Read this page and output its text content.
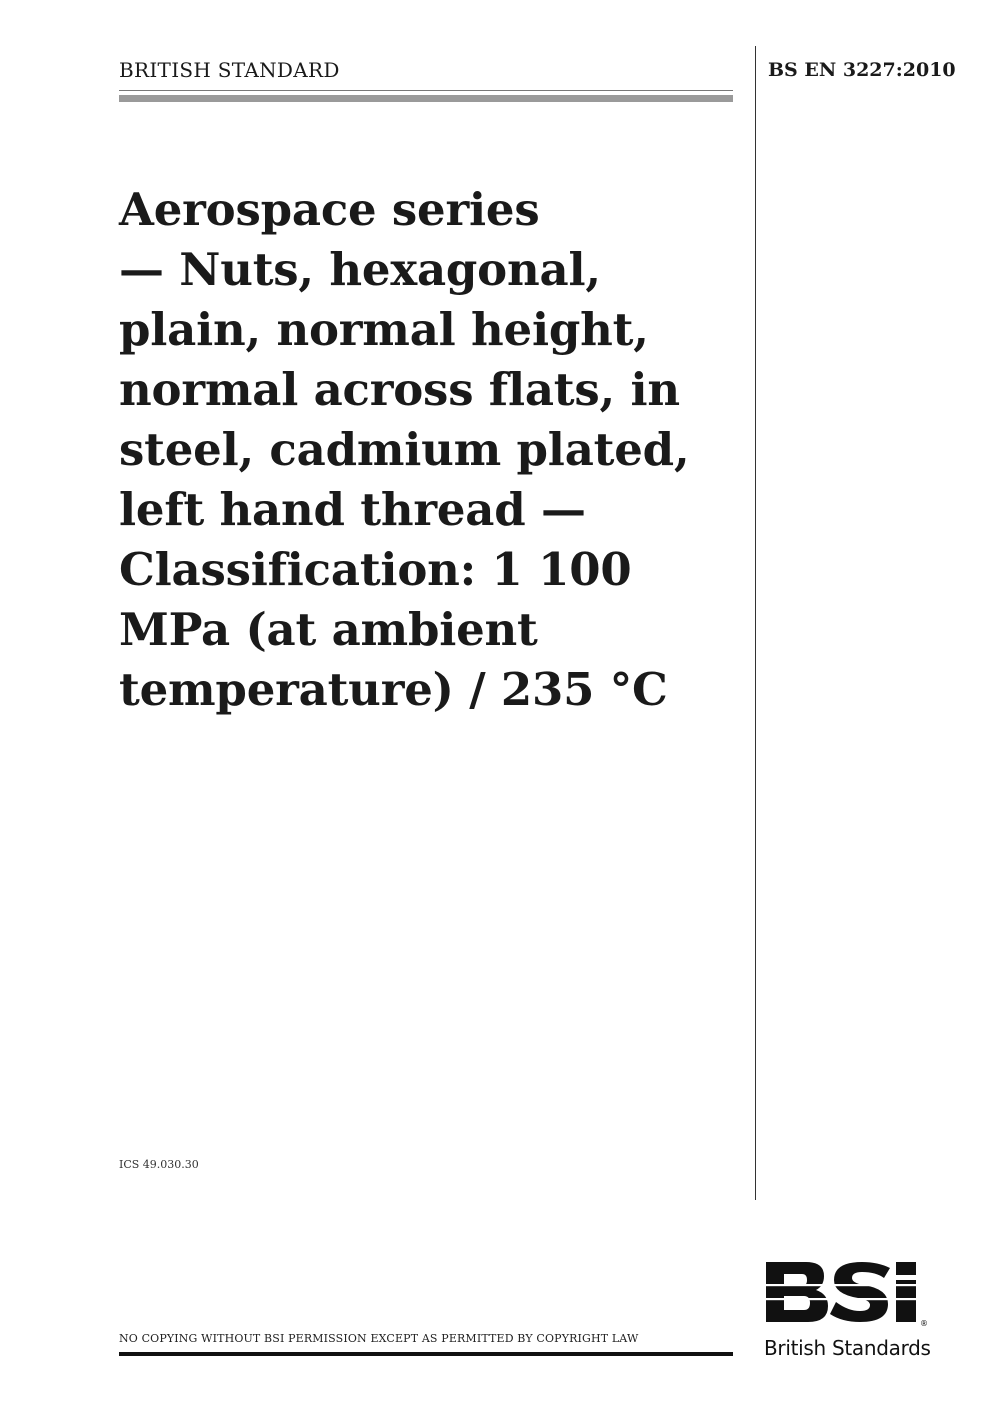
BRITISH STANDARD	BS EN 3227:2010
Aerospace series
— Nuts, hexagonal,
plain, normal height,
normal across flats, in
steel, cadmium plated,
left hand thread —
Classification: 1 100
MPa (at ambient
temperature) / 235 °C
ICS 49.030.30
NO COPYING WITHOUT BSI PERMISSION EXCEPT AS PERMITTED BY COPYRIGHT LAW
®
British Standards
